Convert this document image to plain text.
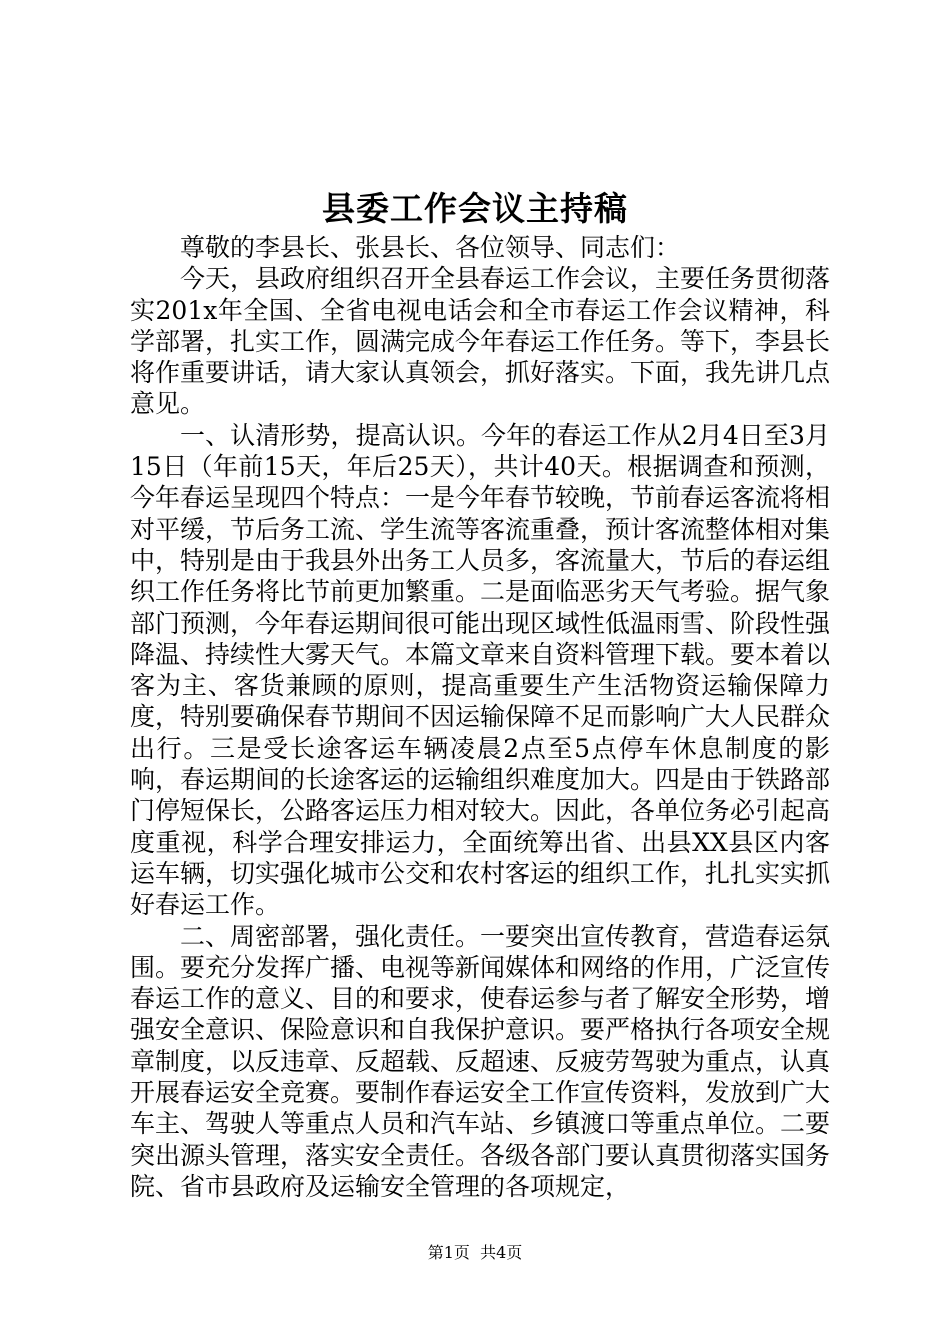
县委工作会议主持稿

尊敬的李县长、张县长、各位领导、同志们：

今天，县政府组织召开全县春运工作会议，主要任务贯彻落实201x年全国、全省电视电话会和全市春运工作会议精神，科学部署，扎实工作，圆满完成今年春运工作任务。等下，李县长将作重要讲话，请大家认真领会，抓好落实。下面，我先讲几点意见。

一、认清形势，提高认识。今年的春运工作从2月4日至3月15日（年前15天，年后25天），共计40天。根据调查和预测，今年春运呈现四个特点：一是今年春节较晚，节前春运客流将相对平缓，节后务工流、学生流等客流重叠，预计客流整体相对集中，特别是由于我县外出务工人员多，客流量大，节后的春运组织工作任务将比节前更加繁重。二是面临恶劣天气考验。据气象部门预测，今年春运期间很可能出现区域性低温雨雪、阶段性强降温、持续性大雾天气。本篇文章来自资料管理下载。要本着以客为主、客货兼顾的原则，提高重要生产生活物资运输保障力度，特别要确保春节期间不因运输保障不足而影响广大人民群众出行。三是受长途客运车辆凌晨2点至5点停车休息制度的影响，春运期间的长途客运的运输组织难度加大。四是由于铁路部门停短保长，公路客运压力相对较大。因此，各单位务必引起高度重视，科学合理安排运力，全面统筹出省、出县XX县区内客运车辆，切实强化城市公交和农村客运的组织工作，扎扎实实抓好春运工作。

二、周密部署，强化责任。一要突出宣传教育，营造春运氛围。要充分发挥广播、电视等新闻媒体和网络的作用，广泛宣传春运工作的意义、目的和要求，使春运参与者了解安全形势，增强安全意识、保险意识和自我保护意识。要严格执行各项安全规章制度，以反违章、反超载、反超速、反疲劳驾驶为重点，认真开展春运安全竞赛。要制作春运安全工作宣传资料，发放到广大车主、驾驶人等重点人员和汽车站、乡镇渡口等重点单位。二要突出源头管理，落实安全责任。各级各部门要认真贯彻落实国务院、省市县政府及运输安全管理的各项规定，

第1页 共4页
